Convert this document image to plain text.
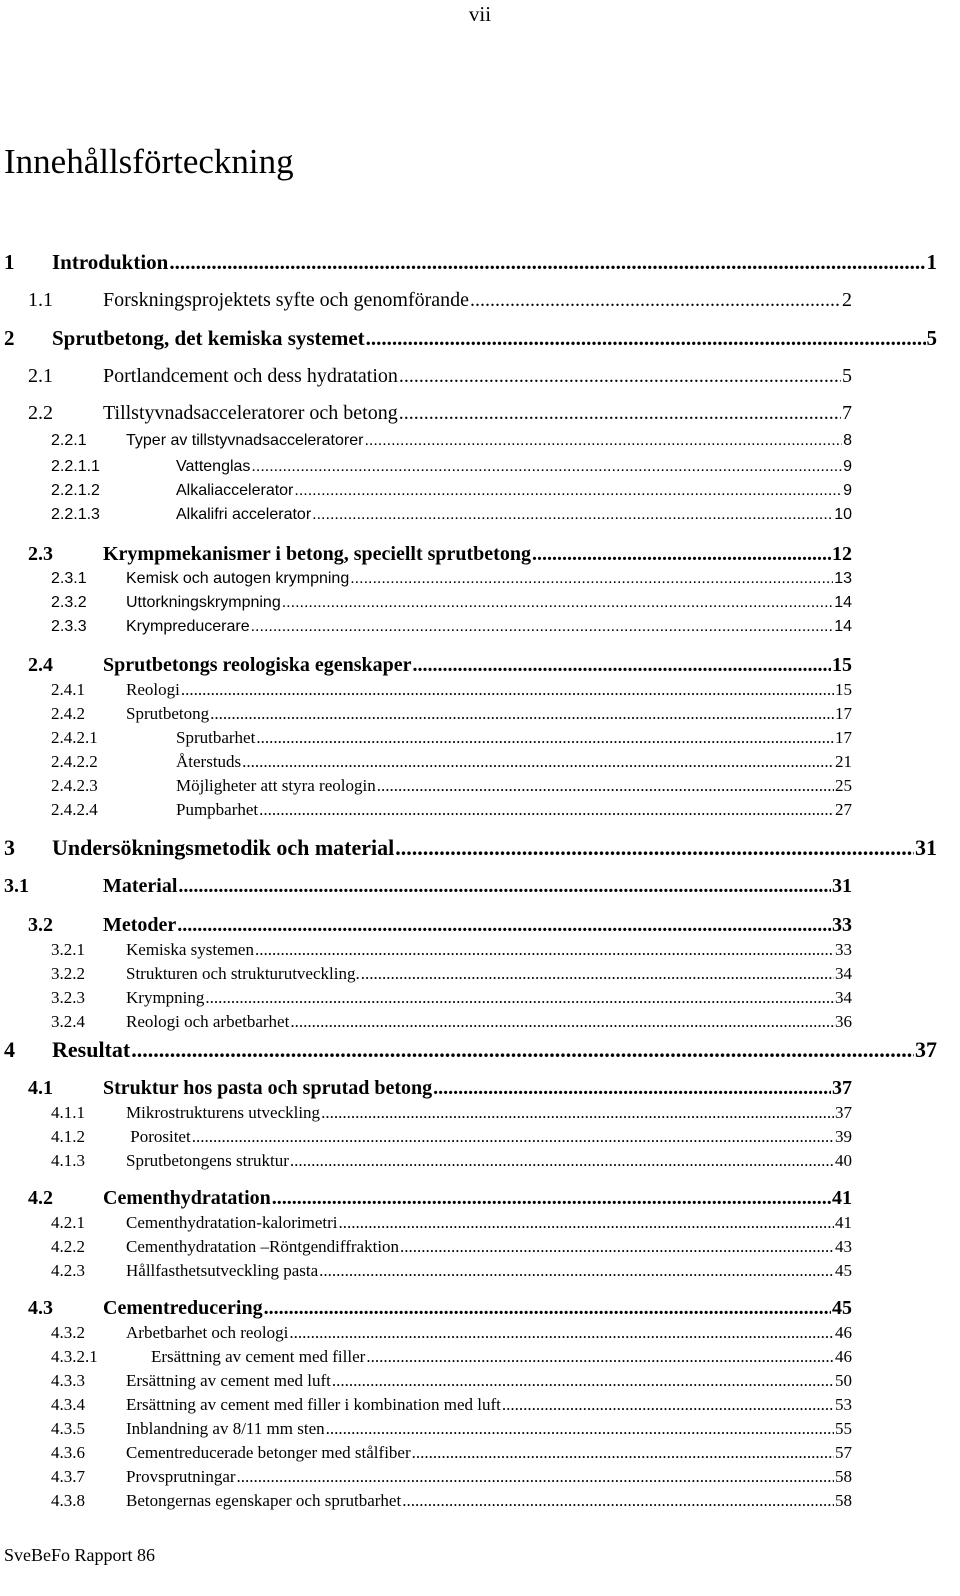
vii
Innehållsförteckning
1	Introduktion .....	1
1.1	Forskningsprojektets syfte och genomförande .....	2
2	Sprutbetong, det kemiska systemet .....	5
2.1	Portlandcement och dess hydratation .....	5
2.2	Tillstyvnadsacceleratorer och betong .....	7
2.2.1	Typer av tillstyvnadsacceleratorer .....	8
2.2.1.1	Vattenglas .....	9
2.2.1.2	Alkaliaccelerator .....	9
2.2.1.3	Alkalifri accelerator .....	10
2.3	Krympmekanismer i betong, speciellt sprutbetong .....	12
2.3.1	Kemisk och autogen krympning .....	13
2.3.2	Uttorkningskrympning .....	14
2.3.3	Krympreducerare .....	14
2.4	Sprutbetongs reologiska egenskaper .....	15
2.4.1	Reologi .....	15
2.4.2	Sprutbetong .....	17
2.4.2.1	Sprutbarhet .....	17
2.4.2.2	Återstuds .....	21
2.4.2.3	Möjligheter att styra reologin .....	25
2.4.2.4	Pumpbarhet .....	27
3	Undersökningsmetodik och material .....	31
3.1	Material .....	31
3.2	Metoder .....	33
3.2.1	Kemiska systemen .....	33
3.2.2	Strukturen och strukturutveckling. .....	34
3.2.3	Krympning .....	34
3.2.4	Reologi och arbetbarhet .....	36
4	Resultat .....	37
4.1	Struktur hos pasta och sprutad betong .....	37
4.1.1	Mikrostrukturens utveckling .....	37
4.1.2	Porositet .....	39
4.1.3	Sprutbetongens struktur .....	40
4.2	Cementhydratation .....	41
4.2.1	Cementhydratation-kalorimetri .....	41
4.2.2	Cementhydratation –Röntgendiffraktion .....	43
4.2.3	Hållfasthetsutveckling pasta .....	45
4.3	Cementreducering .....	45
4.3.2	Arbetbarhet och reologi .....	46
4.3.2.1	Ersättning av cement med filler .....	46
4.3.3	Ersättning av cement med luft .....	50
4.3.4	Ersättning av cement med filler i kombination med luft .....	53
4.3.5	Inblandning av 8/11 mm sten .....	55
4.3.6	Cementreducerade betonger med stålfiber .....	57
4.3.7	Provsprutningar .....	58
4.3.8	Betongernas egenskaper och sprutbarhet .....	58
SveBeFo Rapport 86
